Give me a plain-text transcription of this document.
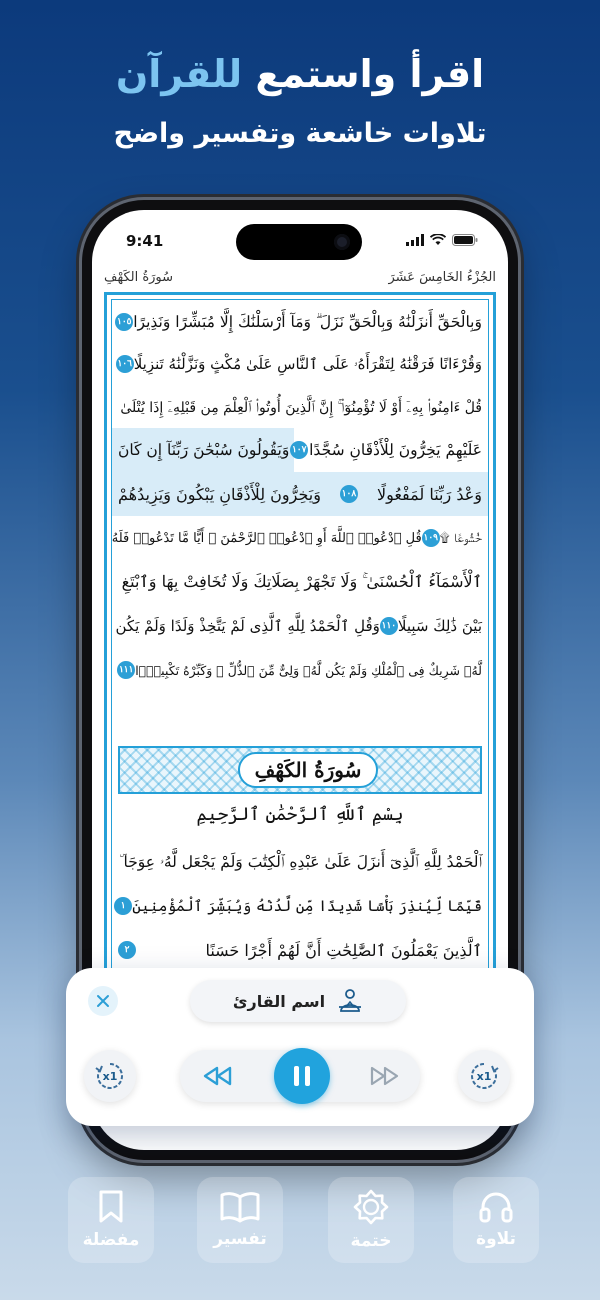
اقرأ واستمع للقرآن
تلاوات خاشعة وتفسير واضح
9:41
الجُزْءُ الخَامِسَ عَشَرَ
سُورَةُ الكَهْفِ
وَبِالْحَقِّ أَنزَلْنَٰهُ وَبِالْحَقِّ نَزَلَ ۗ وَمَآ أَرْسَلْنَٰكَ إِلَّا مُبَشِّرًا وَنَذِيرًا
١٠٥
وَقُرْءَانًا فَرَقْنَٰهُ لِتَقْرَأَهُۥ عَلَى ٱلنَّاسِ عَلَىٰ مُكْثٍ وَنَزَّلْنَٰهُ تَنزِيلًا
١٠٦
قُلْ ءَامِنُوا۟ بِهِۦٓ أَوْ لَا تُؤْمِنُوٓا۟ ۚ إِنَّ ٱلَّذِينَ أُوتُوا۟ ٱلْعِلْمَ مِن قَبْلِهِۦٓ إِذَا يُتْلَىٰ
عَلَيْهِمْ يَخِرُّونَ لِلْأَذْقَانِ سُجَّدًا
١٠٧
وَيَقُولُونَ سُبْحَٰنَ رَبِّنَآ إِن كَانَ
وَعْدُ رَبِّنَا لَمَفْعُولًا
١٠٨
وَيَخِرُّونَ لِلْأَذْقَانِ يَبْكُونَ وَيَزِيدُهُمْ
خُشُوعًا ۩
١٠٩
قُلِ ٱدْعُوا۟ ٱللَّهَ أَوِ ٱدْعُوا۟ ٱلرَّحْمَٰنَ ۖ أَيًّا مَّا تَدْعُوا۟ فَلَهُ
ٱلْأَسْمَآءُ ٱلْحُسْنَىٰ ۚ وَلَا تَجْهَرْ بِصَلَاتِكَ وَلَا تُخَافِتْ بِهَا وَٱبْتَغِ
بَيْنَ ذَٰلِكَ سَبِيلًا
١١٠
وَقُلِ ٱلْحَمْدُ لِلَّهِ ٱلَّذِى لَمْ يَتَّخِذْ وَلَدًا وَلَمْ يَكُن
لَّهُۥ شَرِيكٌ فِى ٱلْمُلْكِ وَلَمْ يَكُن لَّهُۥ وَلِىٌّ مِّنَ ٱلذُّلِّ ۖ وَكَبِّرْهُ تَكْبِيرًۢا
١١١
سُورَةُ الكَهْفِ
بِسْمِ ٱللَّهِ ٱلرَّحْمَٰنِ ٱلرَّحِيمِ
ٱلْحَمْدُ لِلَّهِ ٱلَّذِىٓ أَنزَلَ عَلَىٰ عَبْدِهِ ٱلْكِتَٰبَ وَلَمْ يَجْعَل لَّهُۥ عِوَجَا ۜ
قَيِّمًا لِّيُنذِرَ بَأْسًا شَدِيدًا مِّن لَّدُنْهُ وَيُبَشِّرَ ٱلْمُؤْمِنِينَ
١
ٱلَّذِينَ يَعْمَلُونَ ٱلصَّٰلِحَٰتِ أَنَّ لَهُمْ أَجْرًا حَسَنًا
٢
اسم القارئ
x1	x1
تلاوة
ختمة
تفسير
مفضلة
